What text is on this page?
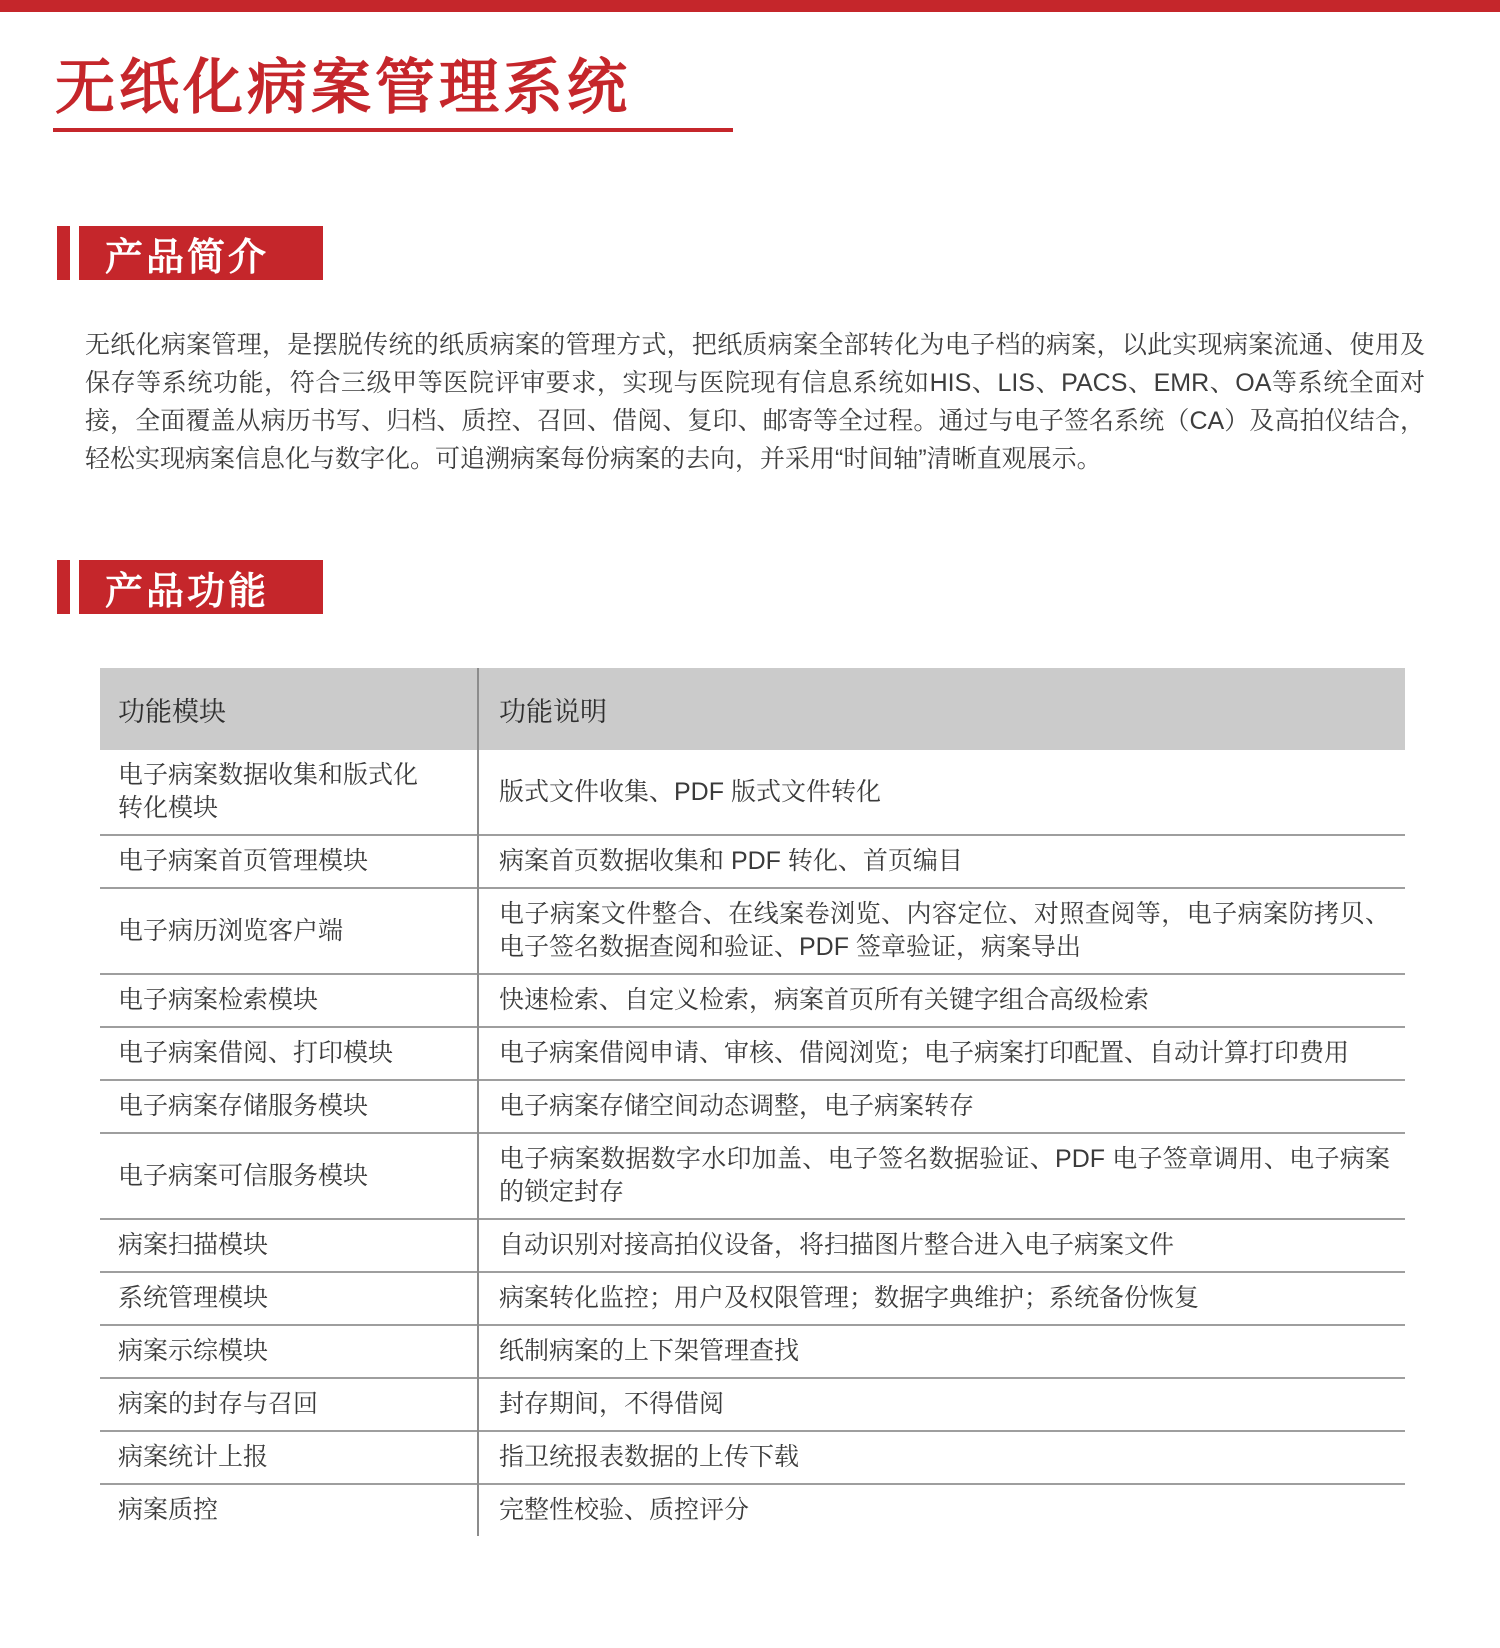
无纸化病案管理系统
产品简介

无纸化病案管理，是摆脱传统的纸质病案的管理方式，把纸质病案全部转化为电子档的病案，以此实现病案流通、使用及保存等系统功能，符合三级甲等医院评审要求，实现与医院现有信息系统如HIS、LIS、PACS、EMR、OA等系统全面对接，全面覆盖从病历书写、归档、质控、召回、借阅、复印、邮寄等全过程。通过与电子签名系统（CA）及高拍仪结合，轻松实现病案信息化与数字化。可追溯病案每份病案的去向，并采用“时间轴”清晰直观展示。

产品功能
功能模块	功能说明
电子病案数据收集和版式化转化模块	版式文件收集、PDF 版式文件转化
电子病案首页管理模块	病案首页数据收集和 PDF 转化、首页编目
电子病历浏览客户端	电子病案文件整合、在线案卷浏览、内容定位、对照查阅等，电子病案防拷贝、电子签名数据查阅和验证、PDF 签章验证，病案导出
电子病案检索模块	快速检索、自定义检索，病案首页所有关键字组合高级检索
电子病案借阅、打印模块	电子病案借阅申请、审核、借阅浏览；电子病案打印配置、自动计算打印费用
电子病案存储服务模块	电子病案存储空间动态调整，电子病案转存
电子病案可信服务模块	电子病案数据数字水印加盖、电子签名数据验证、PDF 电子签章调用、电子病案的锁定封存
病案扫描模块	自动识别对接高拍仪设备，将扫描图片整合进入电子病案文件
系统管理模块	病案转化监控；用户及权限管理；数据字典维护；系统备份恢复
病案示综模块	纸制病案的上下架管理查找
病案的封存与召回	封存期间，不得借阅
病案统计上报	指卫统报表数据的上传下载
病案质控	完整性校验、质控评分
